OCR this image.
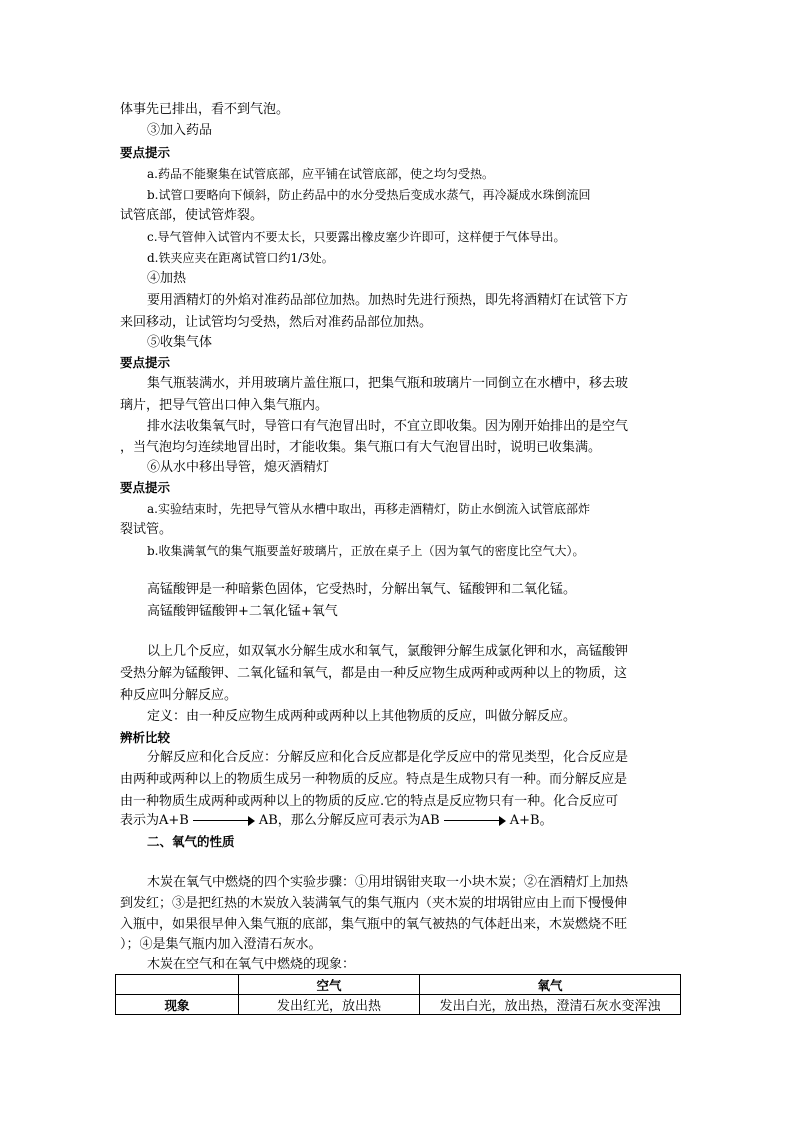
体事先已排出，看不到气泡。
③加入药品
要点提示
a.药品不能聚集在试管底部，应平铺在试管底部，使之均匀受热。
b.试管口要略向下倾斜，防止药品中的水分受热后变成水蒸气，再冷凝成水珠倒流回
试管底部，使试管炸裂。
c.导气管伸入试管内不要太长，只要露出橡皮塞少许即可，这样便于气体导出。
d.铁夹应夹在距离试管口约1/3处。
④加热
要用酒精灯的外焰对准药品部位加热。加热时先进行预热，即先将酒精灯在试管下方
来回移动，让试管均匀受热，然后对准药品部位加热。
⑤收集气体
要点提示
集气瓶装满水，并用玻璃片盖住瓶口，把集气瓶和玻璃片一同倒立在水槽中，移去玻
璃片，把导气管出口伸入集气瓶内。
排水法收集氧气时，导管口有气泡冒出时，不宜立即收集。因为刚开始排出的是空气
，当气泡均匀连续地冒出时，才能收集。集气瓶口有大气泡冒出时，说明已收集满。
⑥从水中移出导管，熄灭酒精灯
要点提示
a.实验结束时，先把导气管从水槽中取出，再移走酒精灯，防止水倒流入试管底部炸
裂试管。
b.收集满氧气的集气瓶要盖好玻璃片，正放在桌子上（因为氧气的密度比空气大）。
高锰酸钾是一种暗紫色固体，它受热时，分解出氧气、锰酸钾和二氧化锰。
高锰酸钾锰酸钾+二氧化锰+氧气
以上几个反应，如双氧水分解生成水和氧气，氯酸钾分解生成氯化钾和水，高锰酸钾
受热分解为锰酸钾、二氧化锰和氧气，都是由一种反应物生成两种或两种以上的物质，这
种反应叫分解反应。
定义：由一种反应物生成两种或两种以上其他物质的反应，叫做分解反应。
辨析比较
分解反应和化合反应：分解反应和化合反应都是化学反应中的常见类型，化合反应是
由两种或两种以上的物质生成另一种物质的反应。特点是生成物只有一种。而分解反应是
由一种物质生成两种或两种以上的物质的反应.它的特点是反应物只有一种。化合反应可
表示为A+B	AB，那么分解反应可表示为AB	A+B。
二、氧气的性质
木炭在氧气中燃烧的四个实验步骤：①用坩锅钳夹取一小块木炭；②在酒精灯上加热
到发红；③是把红热的木炭放入装满氧气的集气瓶内（夹木炭的坩埚钳应由上而下慢慢伸
入瓶中，如果很早伸入集气瓶的底部，集气瓶中的氧气被热的气体赶出来，木炭燃烧不旺
）；④是集气瓶内加入澄清石灰水。
木炭在空气和在氧气中燃烧的现象：
	空气	氧气
现象	发出红光，放出热	发出白光，放出热，澄清石灰水变浑浊
